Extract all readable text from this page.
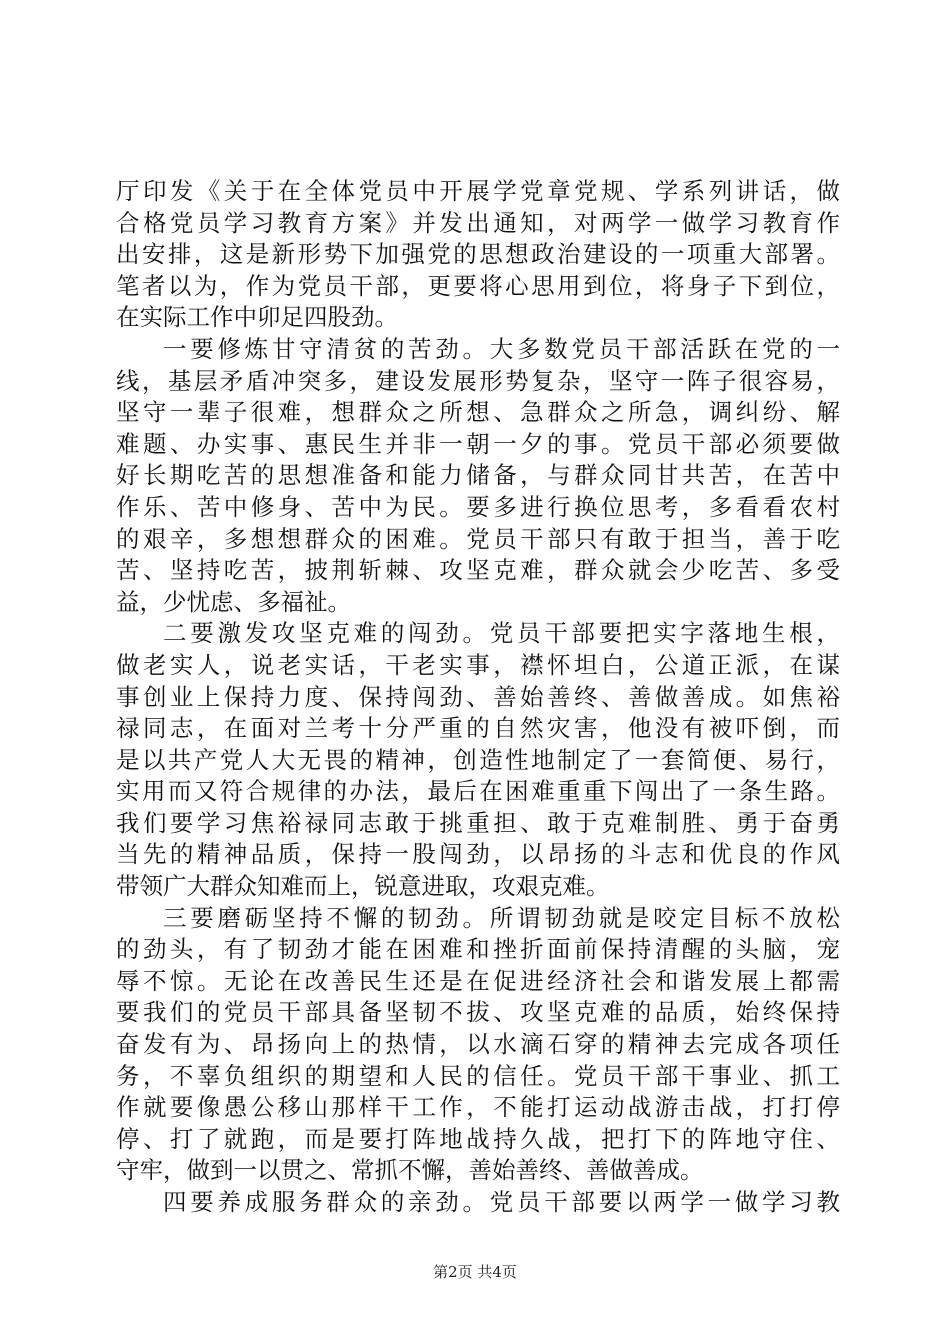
厅印发《关于在全体党员中开展学党章党规、学系列讲话，做
合格党员学习教育方案》并发出通知，对两学一做学习教育作
出安排，这是新形势下加强党的思想政治建设的一项重大部署。
笔者以为，作为党员干部，更要将心思用到位，将身子下到位，
在实际工作中卯足四股劲。
一要修炼甘守清贫的苦劲。大多数党员干部活跃在党的一
线，基层矛盾冲突多，建设发展形势复杂，坚守一阵子很容易，
坚守一辈子很难，想群众之所想、急群众之所急，调纠纷、解
难题、办实事、惠民生并非一朝一夕的事。党员干部必须要做
好长期吃苦的思想准备和能力储备，与群众同甘共苦，在苦中
作乐、苦中修身、苦中为民。要多进行换位思考，多看看农村
的艰辛，多想想群众的困难。党员干部只有敢于担当，善于吃
苦、坚持吃苦，披荆斩棘、攻坚克难，群众就会少吃苦、多受
益，少忧虑、多福祉。
二要激发攻坚克难的闯劲。党员干部要把实字落地生根，
做老实人，说老实话，干老实事，襟怀坦白，公道正派，在谋
事创业上保持力度、保持闯劲、善始善终、善做善成。如焦裕
禄同志，在面对兰考十分严重的自然灾害，他没有被吓倒，而
是以共产党人大无畏的精神，创造性地制定了一套简便、易行，
实用而又符合规律的办法，最后在困难重重下闯出了一条生路。
我们要学习焦裕禄同志敢于挑重担、敢于克难制胜、勇于奋勇
当先的精神品质，保持一股闯劲，以昂扬的斗志和优良的作风
带领广大群众知难而上，锐意进取，攻艰克难。
三要磨砺坚持不懈的韧劲。所谓韧劲就是咬定目标不放松
的劲头，有了韧劲才能在困难和挫折面前保持清醒的头脑，宠
辱不惊。无论在改善民生还是在促进经济社会和谐发展上都需
要我们的党员干部具备坚韧不拔、攻坚克难的品质，始终保持
奋发有为、昂扬向上的热情，以水滴石穿的精神去完成各项任
务，不辜负组织的期望和人民的信任。党员干部干事业、抓工
作就要像愚公移山那样干工作，不能打运动战游击战，打打停
停、打了就跑，而是要打阵地战持久战，把打下的阵地守住、
守牢，做到一以贯之、常抓不懈，善始善终、善做善成。
四要养成服务群众的亲劲。党员干部要以两学一做学习教
第2页 共4页
